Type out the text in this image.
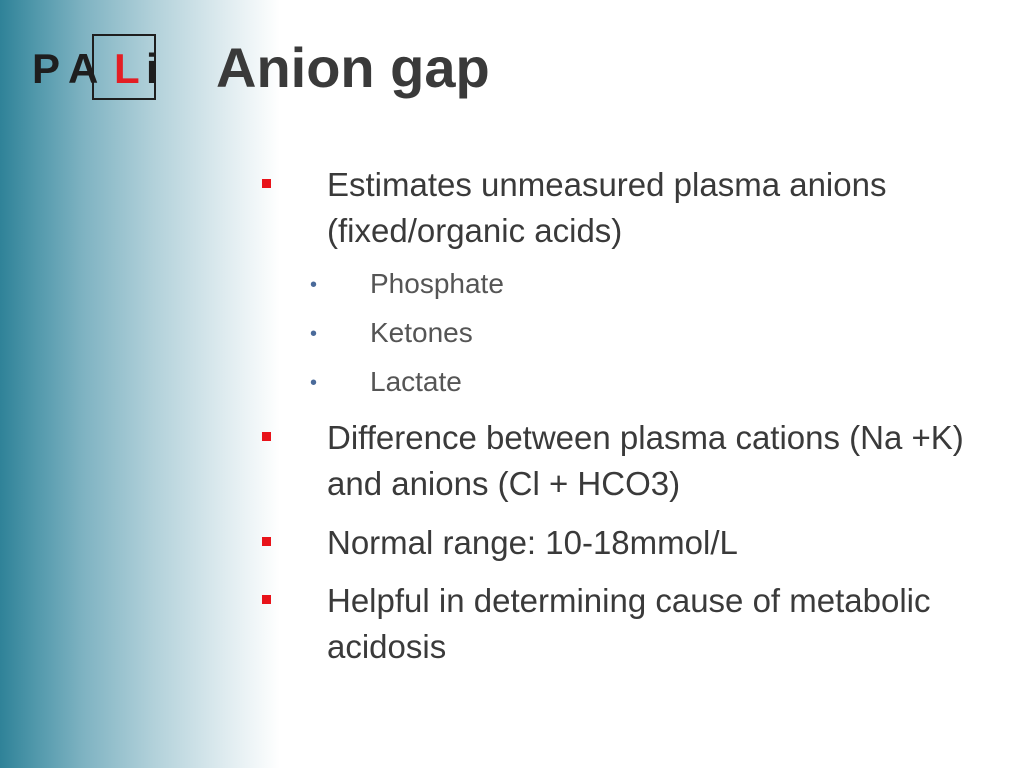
P A L i Anion gap
Estimates unmeasured plasma anions (fixed/organic acids)
• Phosphate
• Ketones
• Lactate
Difference between plasma cations (Na +K) and anions (Cl + HCO3)
Normal range: 10-18mmol/L
Helpful in determining cause of metabolic acidosis
